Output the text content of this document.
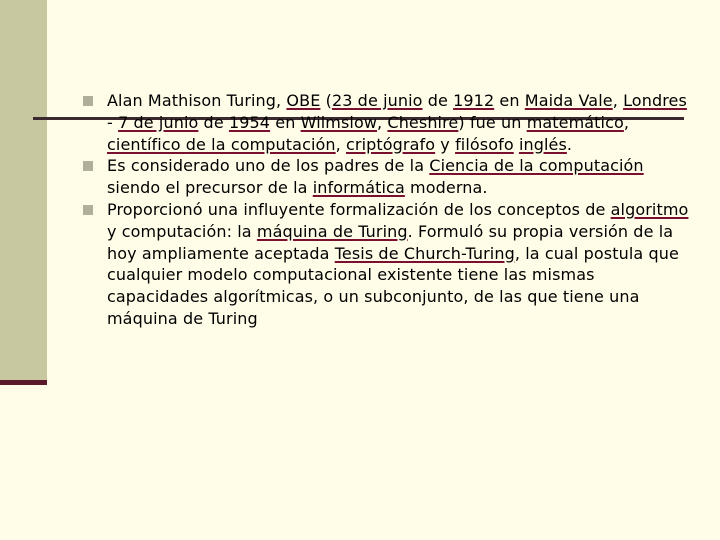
Alan Mathison Turing, OBE (23 de junio de 1912 en Maida Vale, Londres - 7 de junio de 1954 en Wilmslow, Cheshire) fue un matemático, científico de la computación, criptógrafo y filósofo inglés.
Es considerado uno de los padres de la Ciencia de la computación siendo el precursor de la informática moderna.
Proporcionó una influyente formalización de los conceptos de algoritmo y computación: la máquina de Turing. Formuló su propia versión de la hoy ampliamente aceptada Tesis de Church-Turing, la cual postula que cualquier modelo computacional existente tiene las mismas capacidades algorítmicas, o un subconjunto, de las que tiene una máquina de Turing
